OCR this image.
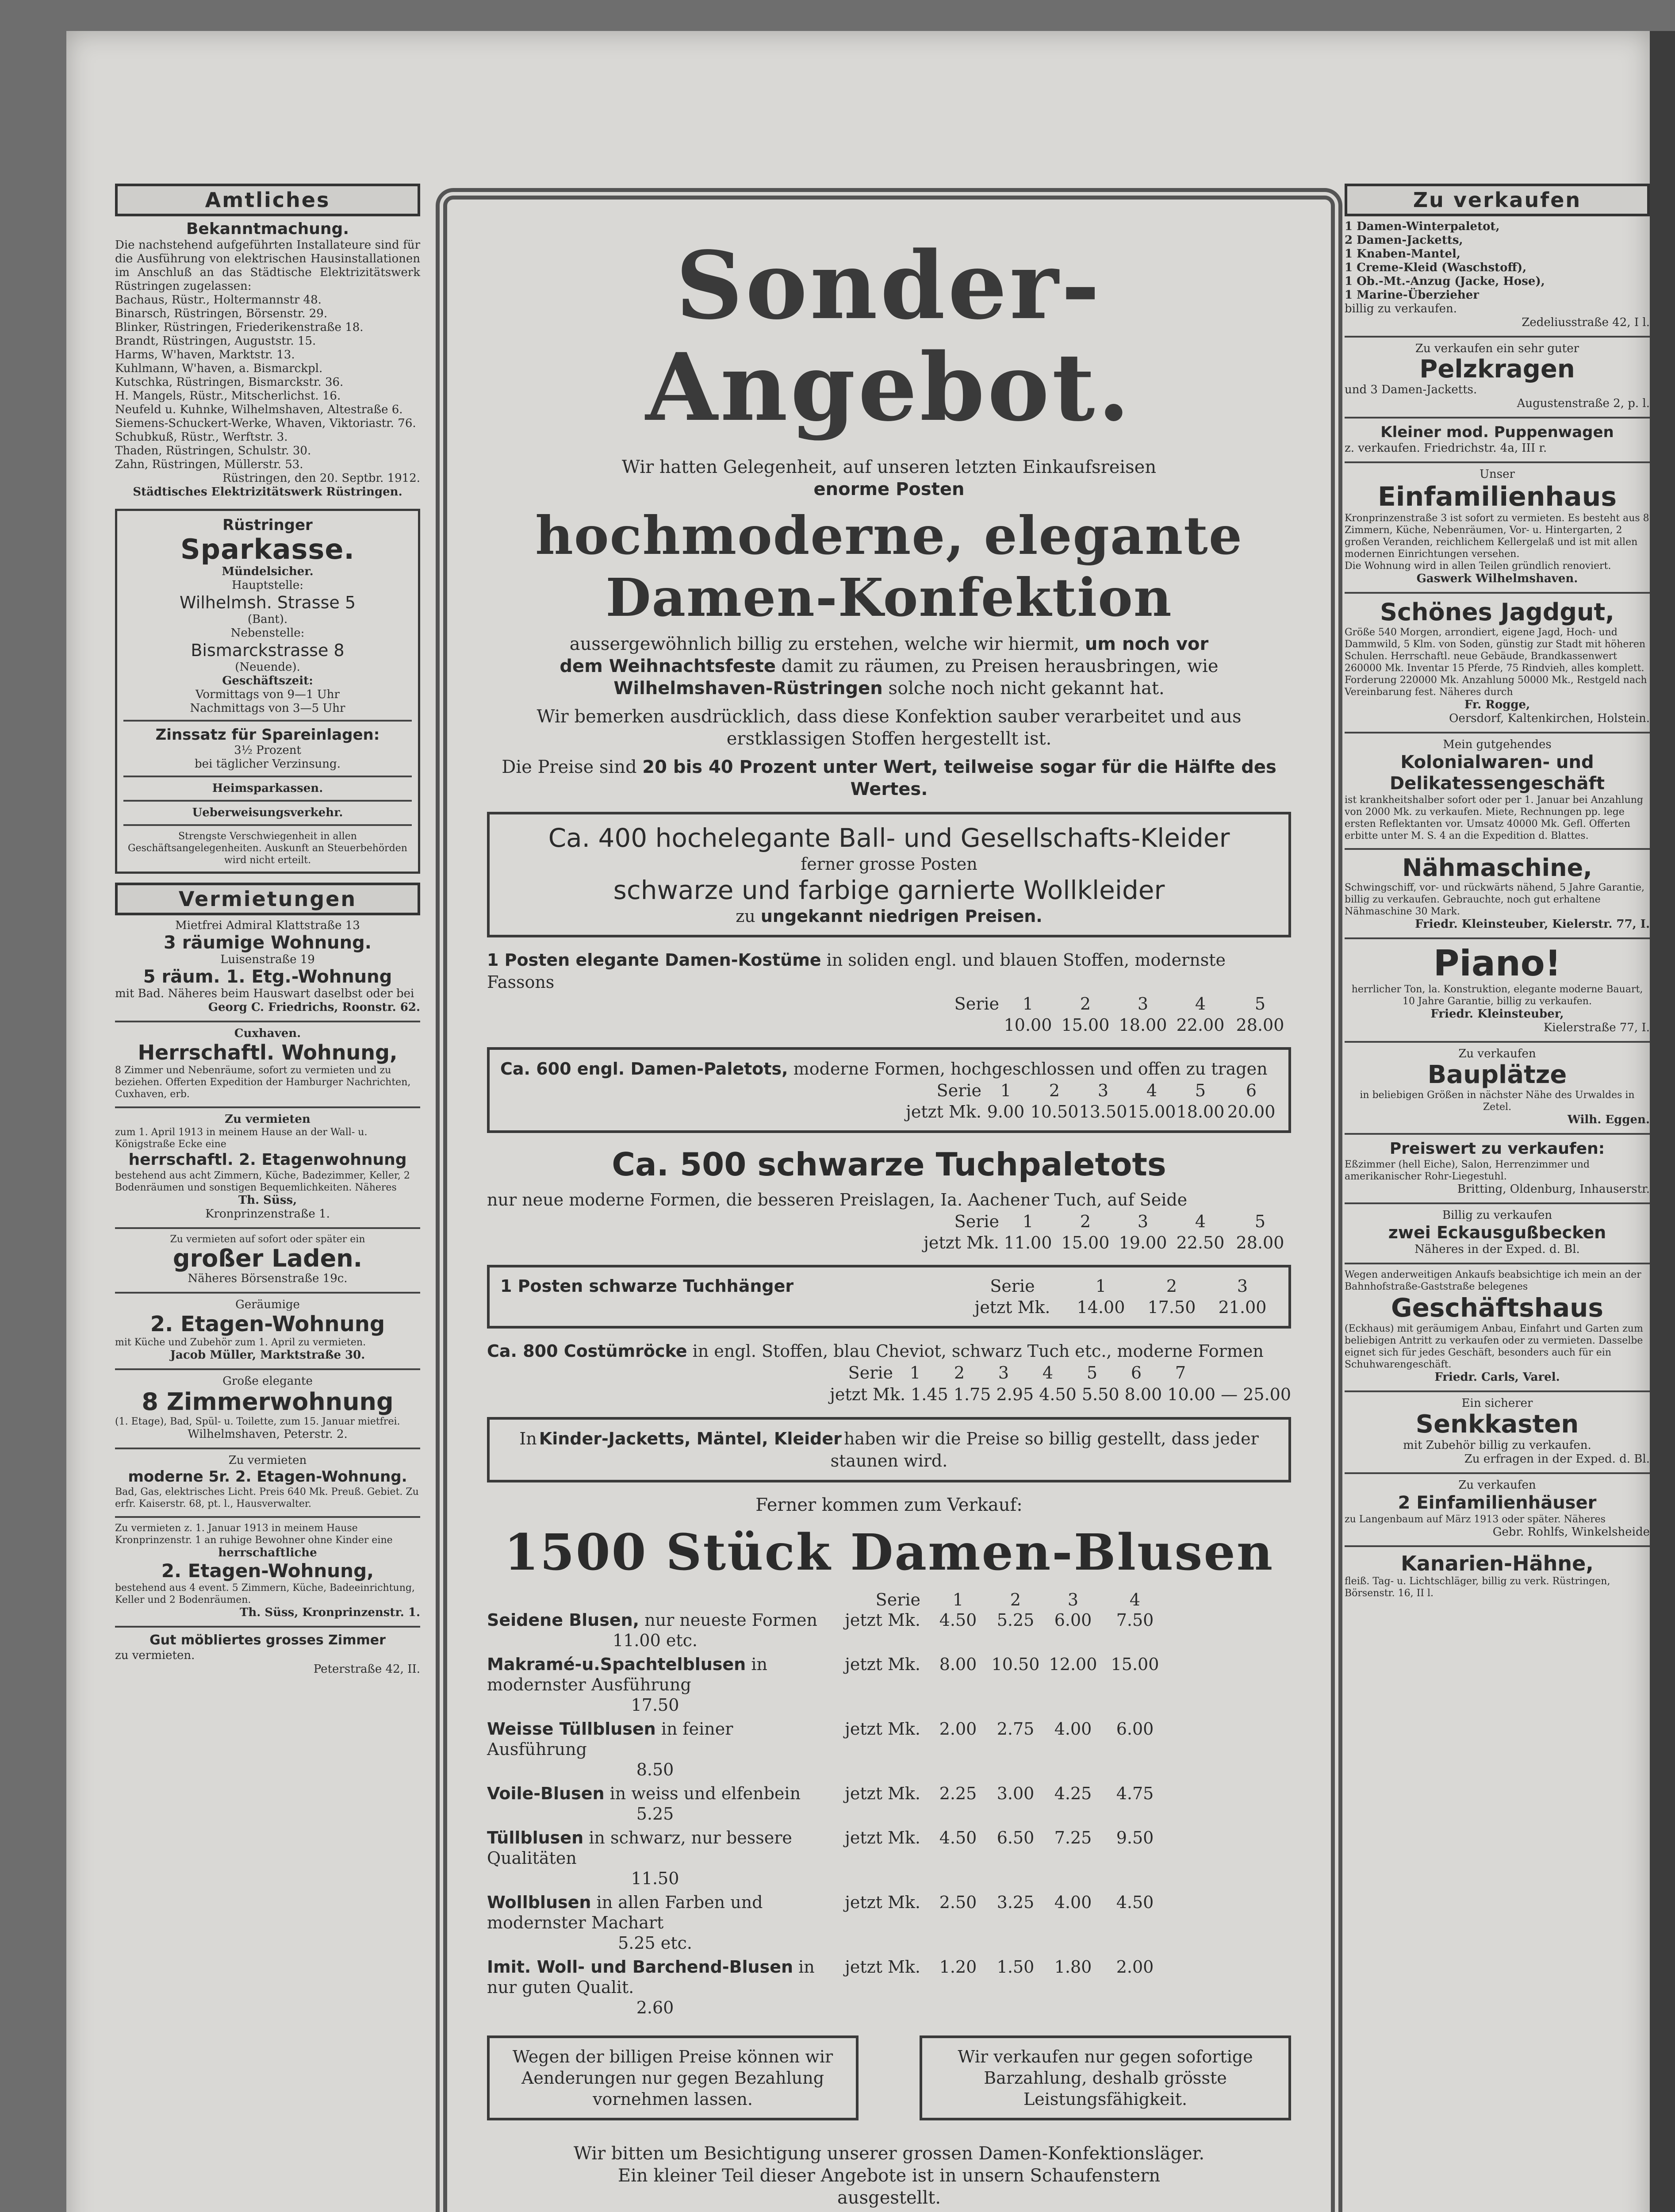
Amtliches
Bekanntmachung.
Die nachstehend aufgeführten Installateure sind für die Ausführung von elektrischen Hausinstallationen im Anschluß an das Städtische Elektrizitätswerk Rüstringen zugelassen:
Bachaus, Rüstr., Holtermannstr 48.
Binarsch, Rüstringen, Börsenstr. 29.
Blinker, Rüstringen, Friederikenstraße 18.
Brandt, Rüstringen, Auguststr. 15.
Harms, W'haven, Marktstr. 13.
Kuhlmann, W'haven, a. Bismarckpl.
Kutschka, Rüstringen, Bismarckstr. 36.
H. Mangels, Rüstr., Mitscherlichst. 16.
Neufeld u. Kuhnke, Wilhelmshaven, Altestraße 6.
Siemens-Schuckert-Werke, Whaven, Viktoriastr. 76.
Schubkuß, Rüstr., Werftstr. 3.
Thaden, Rüstringen, Schulstr. 30.
Zahn, Rüstringen, Müllerstr. 53.
Rüstringen, den 20. Septbr. 1912.
Städtisches Elektrizitätswerk Rüstringen.
Rüstringer
Sparkasse.
Mündelsicher.
Hauptstelle:
Wilhelmsh. Strasse 5
(Bant).
Nebenstelle:
Bismarckstrasse 8
(Neuende).
Geschäftszeit:
Vormittags von 9—1 Uhr
Nachmittags von 3—5 Uhr
Zinssatz für Spareinlagen:
3½ Prozent
bei täglicher Verzinsung.
Heimsparkassen.
Ueberweisungsverkehr.
Strengste Verschwiegenheit in allen Geschäftsangelegenheiten. Auskunft an Steuerbehörden wird nicht erteilt.
Vermietungen
Mietfrei Admiral Klattstraße 13
3 räumige Wohnung.
Luisenstraße 19
5 räum. 1. Etg.-Wohnung
mit Bad. Näheres beim Hauswart daselbst oder bei
Georg C. Friedrichs, Roonstr. 62.
Cuxhaven.
Herrschaftl. Wohnung,
8 Zimmer und Nebenräume, sofort zu vermieten und zu beziehen. Offerten Expedition der Hamburger Nachrichten, Cuxhaven, erb.
Zu vermieten
zum 1. April 1913 in meinem Hause an der Wall- u. Königstraße Ecke eine
herrschaftl. 2. Etagenwohnung
bestehend aus acht Zimmern, Küche, Badezimmer, Keller, 2 Bodenräumen und sonstigen Bequemlichkeiten. Näheres
Th. Süss,
Kronprinzenstraße 1.
Zu vermieten auf sofort oder später ein
großer Laden.
Näheres Börsenstraße 19c.
Geräumige
2. Etagen-Wohnung
mit Küche und Zubehör zum 1. April zu vermieten.
Jacob Müller, Marktstraße 30.
Große elegante
8 Zimmerwohnung
(1. Etage), Bad, Spül- u. Toilette, zum 15. Januar mietfrei.
Wilhelmshaven, Peterstr. 2.
Zu vermieten
moderne 5r. 2. Etagen-Wohnung.
Bad, Gas, elektrisches Licht. Preis 640 Mk. Preuß. Gebiet. Zu erfr. Kaiserstr. 68, pt. l., Hausverwalter.
Zu vermieten z. 1. Januar 1913 in meinem Hause Kronprinzenstr. 1 an ruhige Bewohner ohne Kinder eine
herrschaftliche
2. Etagen-Wohnung,
bestehend aus 4 event. 5 Zimmern, Küche, Badeeinrichtung, Keller und 2 Bodenräumen.
Th. Süss, Kronprinzenstr. 1.
Gut möbliertes grosses Zimmer
zu vermieten.
Peterstraße 42, II.
Sonder-Angebot.

Wir hatten Gelegenheit, auf unseren letzten Einkaufsreisen

enorme Posten

hochmoderne, elegante Damen-Konfektion

aussergewöhnlich billig zu erstehen, welche wir hiermit, um noch vor

dem Weihnachtsfeste damit zu räumen, zu Preisen herausbringen, wie

Wilhelmshaven-Rüstringen solche noch nicht gekannt hat.

Wir bemerken ausdrücklich, dass diese Konfektion sauber verarbeitet und aus erstklassigen Stoffen hergestellt ist.

Die Preise sind 20 bis 40 Prozent unter Wert, teilweise sogar für die Hälfte des Wertes.

Ca. 400 hochelegante Ball- und Gesellschafts-Kleider
ferner grosse Posten
schwarze und farbige garnierte Wollkleider
zu ungekannt niedrigen Preisen.
1 Posten elegante Damen-Kostüme in soliden engl. und blauen Stoffen, modernste Fassons
Serie	1	2	3	4	5
10.00 15.00 18.00 22.00 28.00
Ca. 600 engl. Damen-Paletots, moderne Formen, hochgeschlossen und offen zu tragen
Serie	1	2	3	4	5	6
jetzt Mk. 9.00 10.50 13.50 15.00 18.00 20.00
Ca. 500 schwarze Tuchpaletots
nur neue moderne Formen, die besseren Preislagen, Ia. Aachener Tuch, auf Seide
Serie	1	2	3	4	5
jetzt Mk. 11.00 15.00 19.00 22.50 28.00
1 Posten schwarze Tuchhänger	Serie	1	2	3
jetzt Mk.	14.00	17.50	21.00
Ca. 800 Costümröcke in engl. Stoffen, blau Cheviot, schwarz Tuch etc., moderne Formen
Serie 1	2	3	4	5	6	7
jetzt Mk. 1.45 1.75 2.95 4.50 5.50 8.00 10.00 — 25.00
In Kinder-Jacketts, Mäntel, Kleider haben wir die Preise so billig gestellt, dass jeder staunen wird.

Ferner kommen zum Verkauf:

1500 Stück Damen-Blusen
Serie	1	2	3	4
Seidene Blusen, nur neueste Formen	jetzt Mk.	4.50	5.25	6.00	7.50
11.00 etc.
Makramé-u.Spachtelblusen in modernster Ausführung
jetzt Mk.	8.00 10.50 12.00 15.00
17.50
Weisse Tüllblusen in feiner Ausführung
jetzt Mk.	2.00	2.75	4.00	6.00
8.50
Voile-Blusen in weiss und elfenbein	jetzt Mk.	2.25	3.00	4.25	4.75
5.25
Tüllblusen in schwarz, nur bessere Qualitäten
jetzt Mk.	4.50	6.50	7.25	9.50
11.50
Wollblusen in allen Farben und modernster Machart
jetzt Mk.	2.50	3.25	4.00	4.50
5.25 etc.
Imit. Woll- und Barchend-Blusen in nur guten Qualit.
jetzt Mk.	1.20	1.50	1.80	2.00
2.60
Wegen der billigen Preise können wir Aenderungen nur gegen Bezahlung vornehmen lassen.
Wir verkaufen nur gegen sofortige Barzahlung, deshalb grösste Leistungsfähigkeit.

Wir bitten um Besichtigung unserer grossen Damen-Konfektionsläger. Ein kleiner Teil dieser Angebote ist in unsern Schaufenstern ausgestellt.

Zu verkaufen
1 Damen-Winterpaletot,
2 Damen-Jacketts,
1 Knaben-Mantel,
1 Creme-Kleid (Waschstoff),
1 Ob.-Mt.-Anzug (Jacke, Hose),
1 Marine-Überzieher
billig zu verkaufen.
Zedeliusstraße 42, I l.
Zu verkaufen ein sehr guter
Pelzkragen
und 3 Damen-Jacketts.
Augustenstraße 2, p. l.
Kleiner mod. Puppenwagen
z. verkaufen. Friedrichstr. 4a, III r.
Unser
Einfamilienhaus
Kronprinzenstraße 3 ist sofort zu vermieten. Es besteht aus 8 Zimmern, Küche, Nebenräumen, Vor- u. Hintergarten, 2 großen Veranden, reichlichem Kellergelaß und ist mit allen modernen Einrichtungen versehen.
Die Wohnung wird in allen Teilen gründlich renoviert.
Gaswerk Wilhelmshaven.
Schönes Jagdgut,
Größe 540 Morgen, arrondiert, eigene Jagd, Hoch- und Dammwild, 5 Klm. von Soden, günstig zur Stadt mit höheren Schulen. Herrschaftl. neue Gebäude, Brandkassenwert 260000 Mk. Inventar 15 Pferde, 75 Rindvieh, alles komplett. Forderung 220000 Mk. Anzahlung 50000 Mk., Restgeld nach Vereinbarung fest. Näheres durch
Fr. Rogge,
Oersdorf, Kaltenkirchen, Holstein.
Mein gutgehendes
Kolonialwaren- und Delikatessengeschäft
ist krankheitshalber sofort oder per 1. Januar bei Anzahlung von 2000 Mk. zu verkaufen. Miete, Rechnungen pp. lege ersten Reflektanten vor. Umsatz 40000 Mk. Gefl. Offerten erbitte unter M. S. 4 an die Expedition d. Blattes.
Nähmaschine,
Schwingschiff, vor- und rückwärts nähend, 5 Jahre Garantie, billig zu verkaufen. Gebrauchte, noch gut erhaltene Nähmaschine 30 Mark.
Friedr. Kleinsteuber, Kielerstr. 77, I.
Piano!
herrlicher Ton, la. Konstruktion, elegante moderne Bauart, 10 Jahre Garantie, billig zu verkaufen.
Friedr. Kleinsteuber,
Kielerstraße 77, I.
Zu verkaufen
Bauplätze
in beliebigen Größen in nächster Nähe des Urwaldes in Zetel.
Wilh. Eggen.
Preiswert zu verkaufen:
Eßzimmer (hell Eiche), Salon, Herrenzimmer und amerikanischer Rohr-Liegestuhl.
Britting, Oldenburg, Inhauserstr.
Billig zu verkaufen
zwei Eckausgußbecken
Näheres in der Exped. d. Bl.
Wegen anderweitigen Ankaufs beabsichtige ich mein an der Bahnhofstraße-Gaststraße belegenes
Geschäftshaus
(Eckhaus) mit geräumigem Anbau, Einfahrt und Garten zum beliebigen Antritt zu verkaufen oder zu vermieten. Dasselbe eignet sich für jedes Geschäft, besonders auch für ein Schuhwarengeschäft.
Friedr. Carls, Varel.
Ein sicherer
Senkkasten
mit Zubehör billig zu verkaufen.
Zu erfragen in der Exped. d. Bl.
Zu verkaufen
2 Einfamilienhäuser
zu Langenbaum auf März 1913 oder später. Näheres
Gebr. Rohlfs, Winkelsheide
Kanarien-Hähne,
fleiß. Tag- u. Lichtschläger, billig zu verk. Rüstringen, Börsenstr. 16, II l.
